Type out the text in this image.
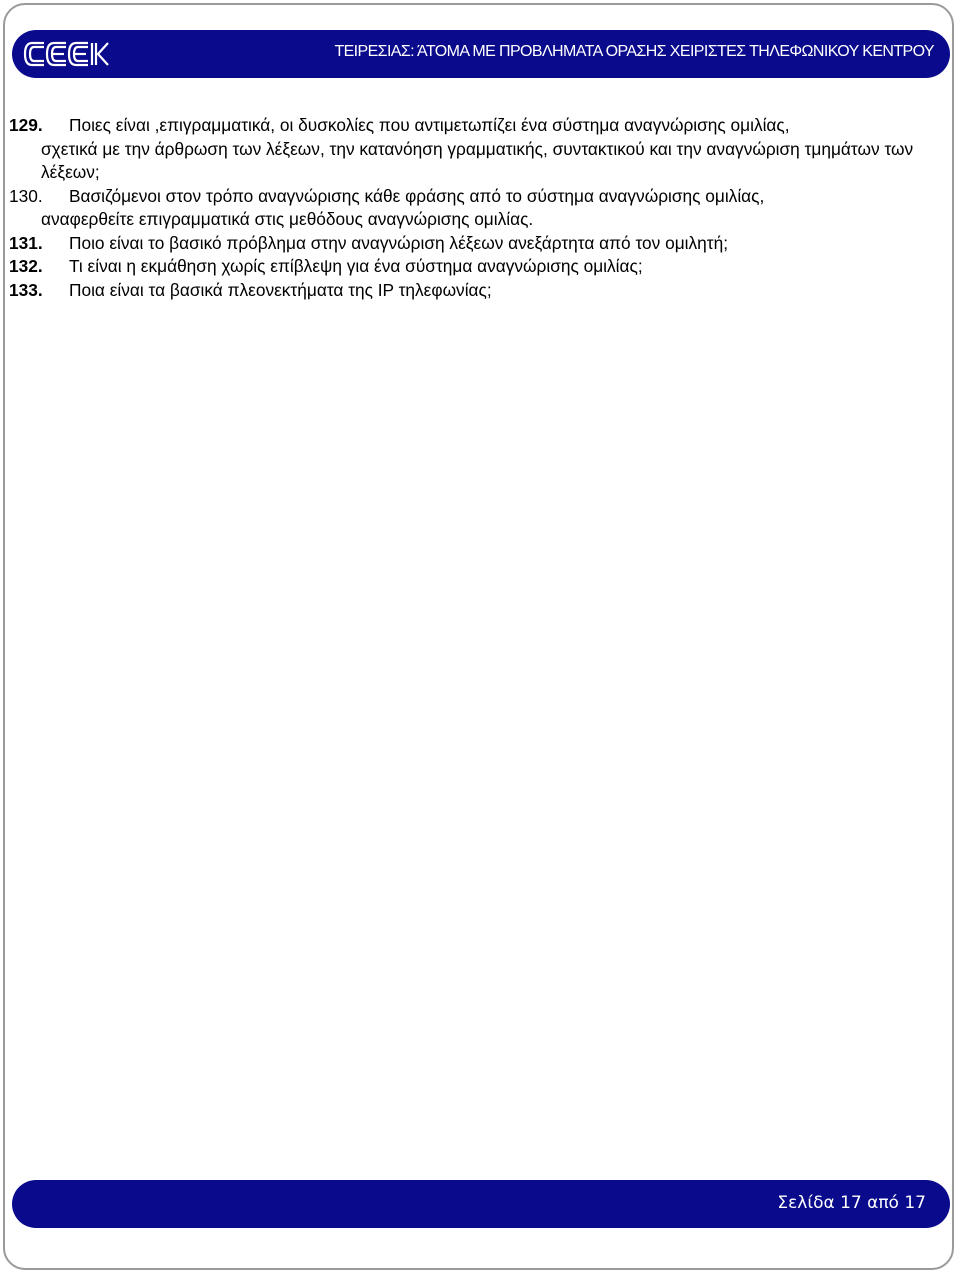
ΤΕΙΡΕΣΙΑΣ: ΆΤΟΜΑ ΜΕ ΠΡΟΒΛΗΜΑΤΑ ΟΡΑΣΗΣ ΧΕΙΡΙΣΤΕΣ ΤΗΛΕΦΩΝΙΚΟΥ ΚΕΝΤΡΟΥ
129.	Ποιες είναι ,επιγραμματικά, οι δυσκολίες που αντιμετωπίζει ένα σύστημα αναγνώρισης ομιλίας,
σχετικά με την άρθρωση των λέξεων, την κατανόηση γραμματικής, συντακτικού και την αναγνώριση τμημάτων των λέξεων;
130.	Βασιζόμενοι στον τρόπο αναγνώρισης κάθε φράσης από το σύστημα αναγνώρισης ομιλίας,
αναφερθείτε επιγραμματικά στις μεθόδους αναγνώρισης ομιλίας.
131.	Ποιο είναι το βασικό πρόβλημα στην αναγνώριση λέξεων ανεξάρτητα από τον ομιλητή;
132.	Τι είναι η εκμάθηση χωρίς επίβλεψη για ένα σύστημα αναγνώρισης ομιλίας;
133.	Ποια είναι τα βασικά πλεονεκτήματα της IP τηλεφωνίας;
Σελίδα 17 από 17
